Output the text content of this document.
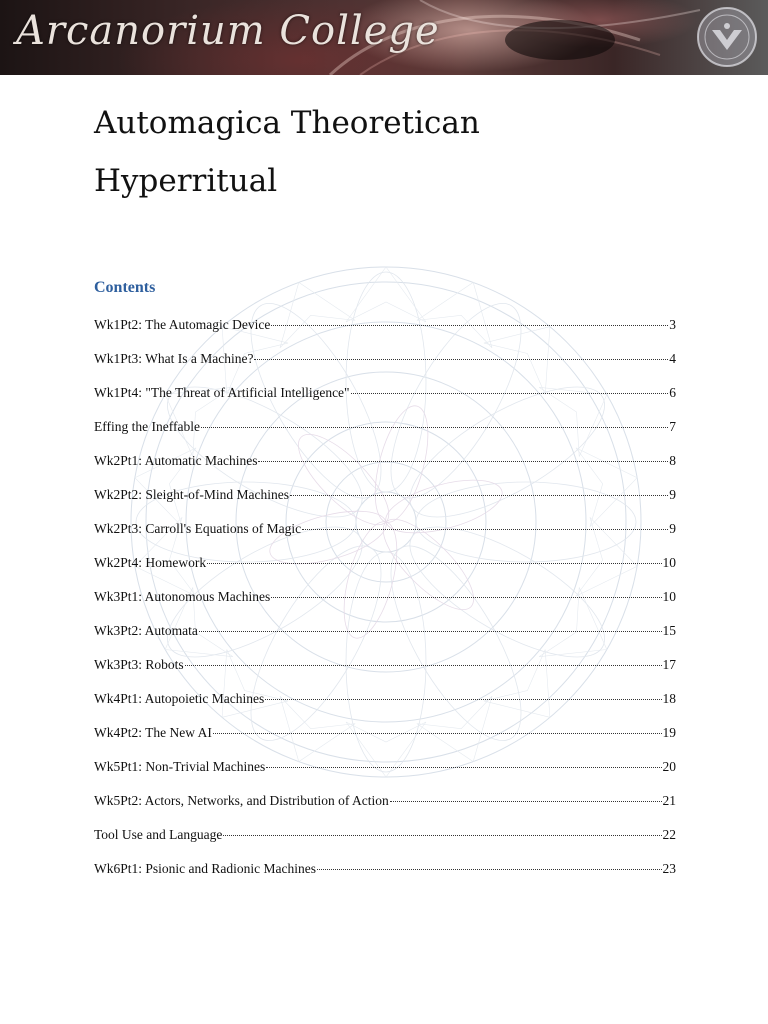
Arcanorium College
Automagica Theoretican
Hyperritual
Contents
Wk1Pt2: The Automagic Device	3
Wk1Pt3: What Is a Machine?	4
Wk1Pt4: "The Threat of Artificial Intelligence"	6
Effing the Ineffable	7
Wk2Pt1: Automatic Machines	8
Wk2Pt2: Sleight-of-Mind Machines	9
Wk2Pt3: Carroll's Equations of Magic	9
Wk2Pt4: Homework	10
Wk3Pt1: Autonomous Machines	10
Wk3Pt2: Automata	15
Wk3Pt3: Robots	17
Wk4Pt1: Autopoietic Machines	18
Wk4Pt2: The New AI	19
Wk5Pt1: Non-Trivial Machines	20
Wk5Pt2: Actors, Networks, and Distribution of Action	21
Tool Use and Language	22
Wk6Pt1: Psionic and Radionic Machines	23
